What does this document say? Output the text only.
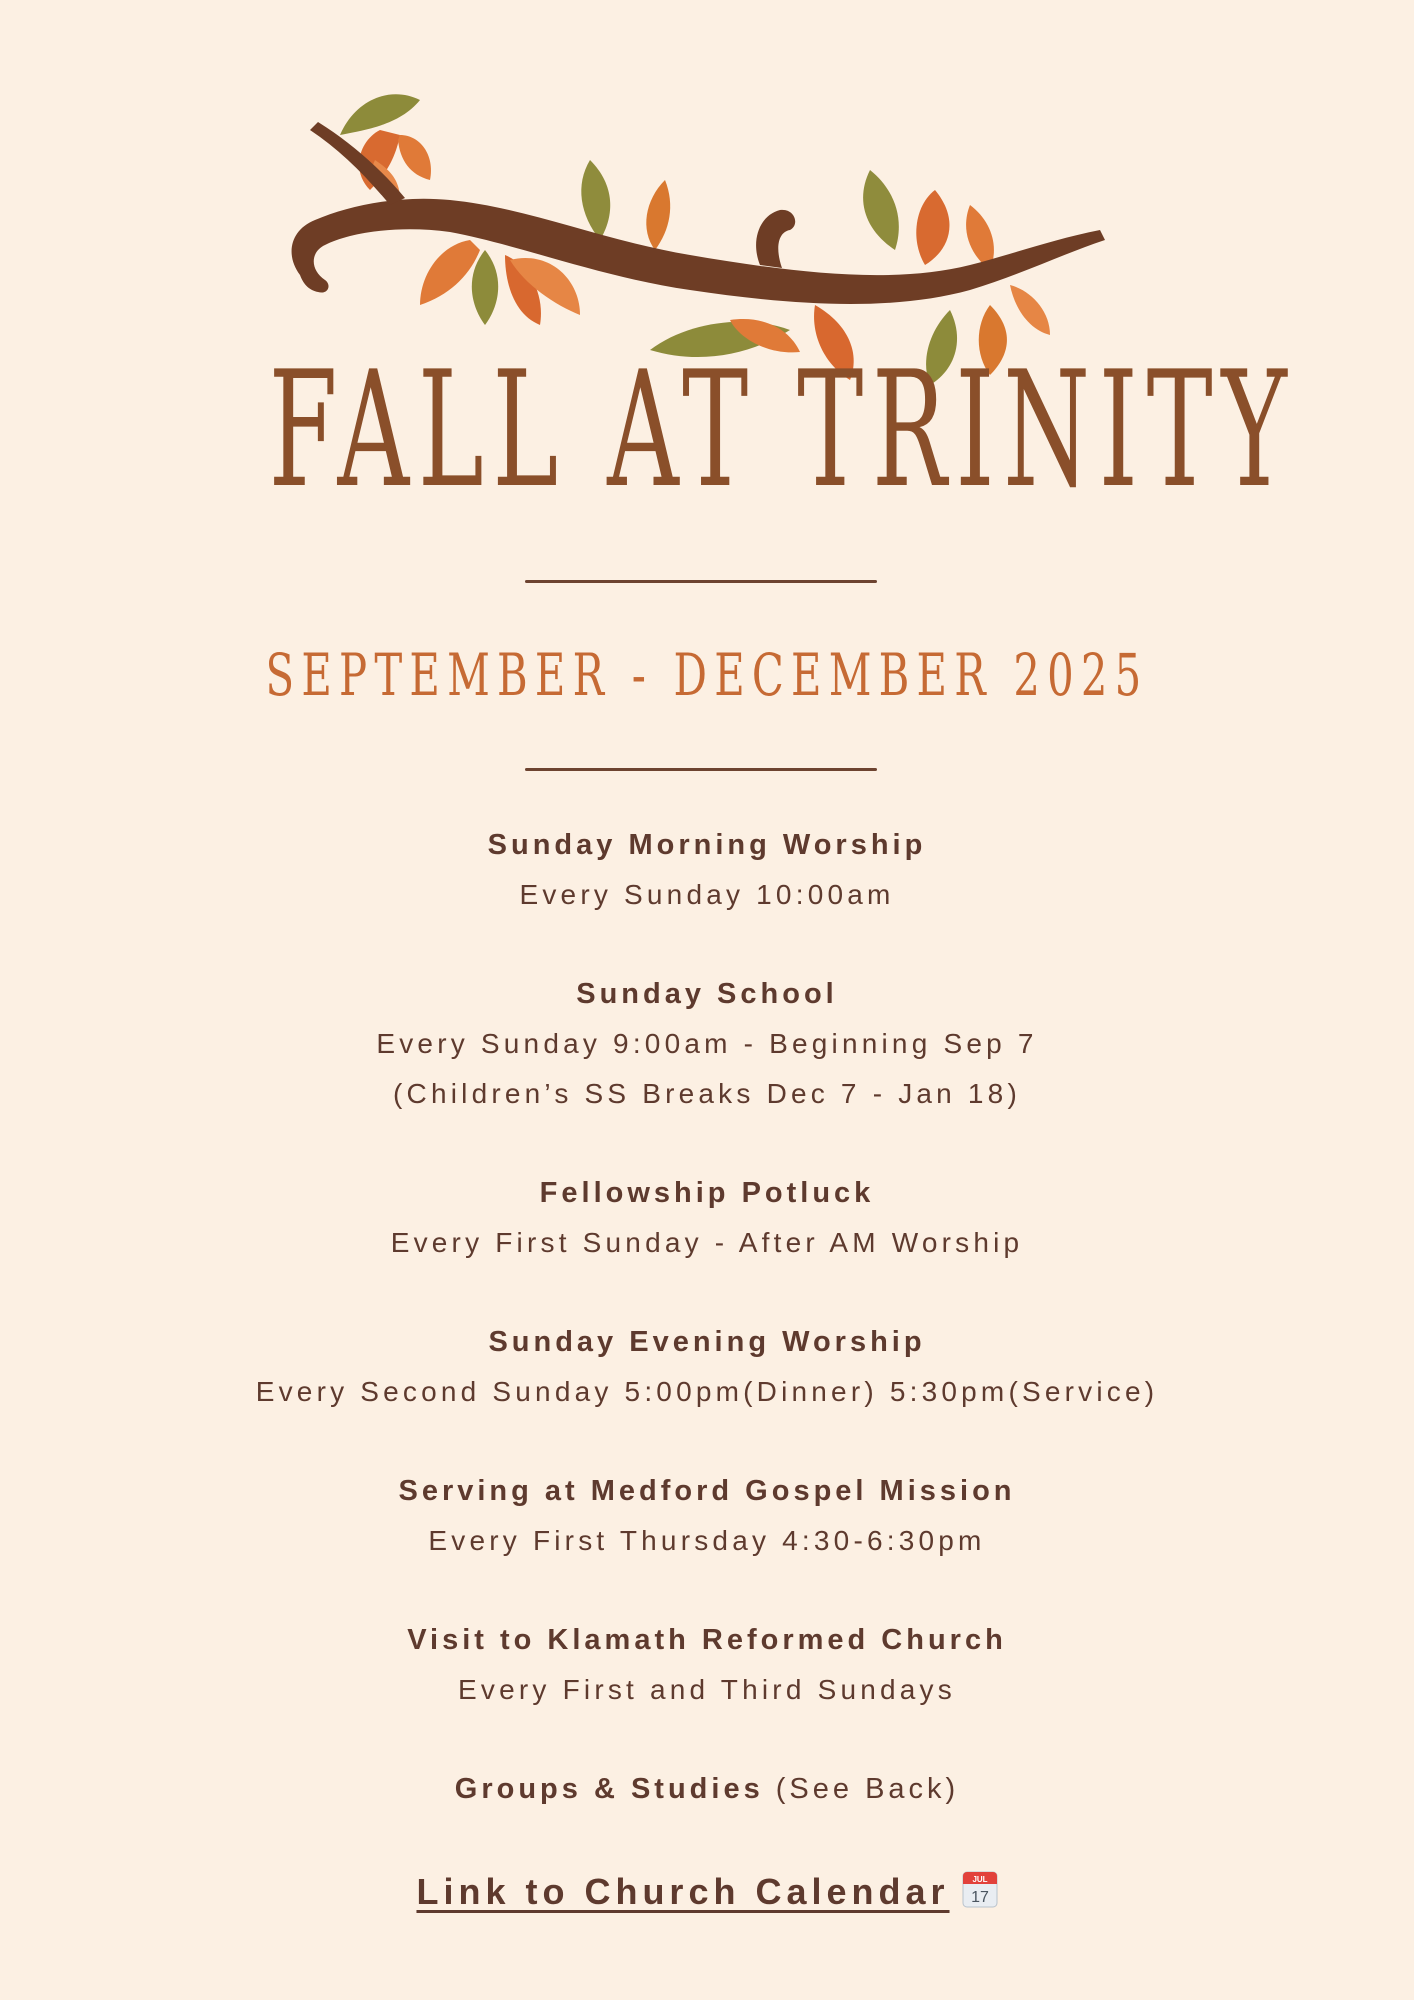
FALL AT TRINITY
SEPTEMBER - DECEMBER 2025

Sunday Morning Worship

Every Sunday 10:00am

Sunday School

Every Sunday 9:00am - Beginning Sep 7

(Children’s SS Breaks Dec 7 - Jan 18)

Fellowship Potluck

Every First Sunday - After AM Worship

Sunday Evening Worship

Every Second Sunday 5:00pm(Dinner) 5:30pm(Service)

Serving at Medford Gospel Mission

Every First Thursday 4:30-6:30pm

Visit to Klamath Reformed Church

Every First and Third Sundays

Groups & Studies (See Back)

Link to Church Calendar	JUL
17
